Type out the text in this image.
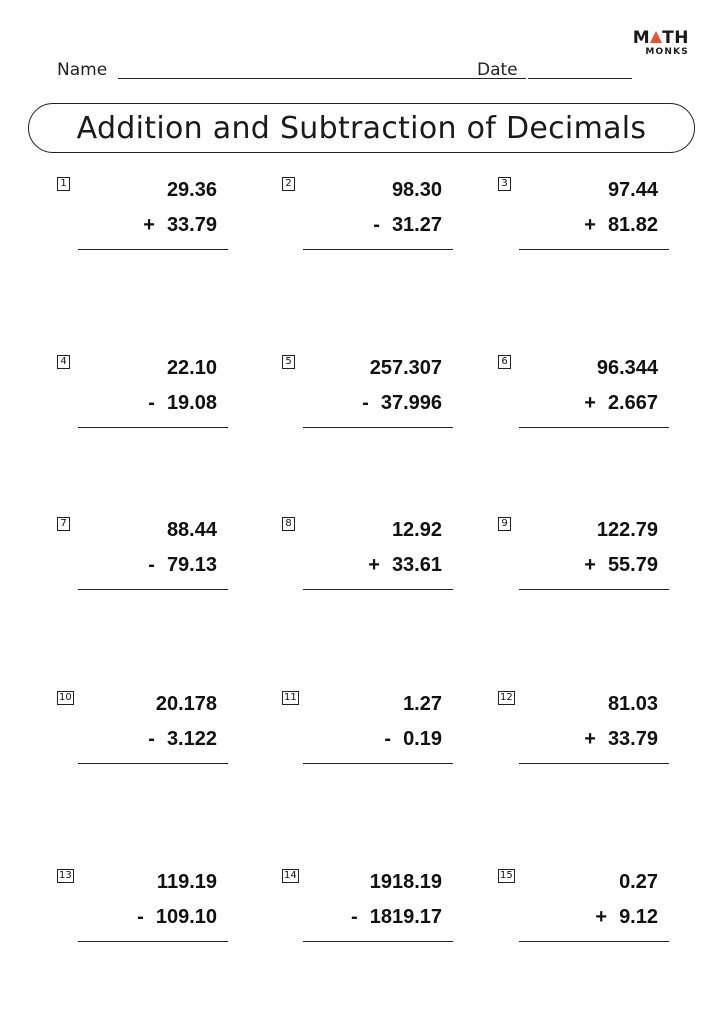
M TH
MONKS
Name	Date
Addition and Subtraction of Decimals
1	29.36
+ 33.79
2	98.30
- 31.27
3	97.44
+ 81.82
4	22.10
- 19.08
5	257.307
- 37.996
6	96.344
+ 2.667
7	88.44
- 79.13
8	12.92
+ 33.61
9	122.79
+ 55.79
10	20.178
- 3.122
11	1.27
- 0.19
12	81.03
+ 33.79
13	119.19
- 109.10
14	1918.19
- 1819.17
15	0.27
+ 9.12
